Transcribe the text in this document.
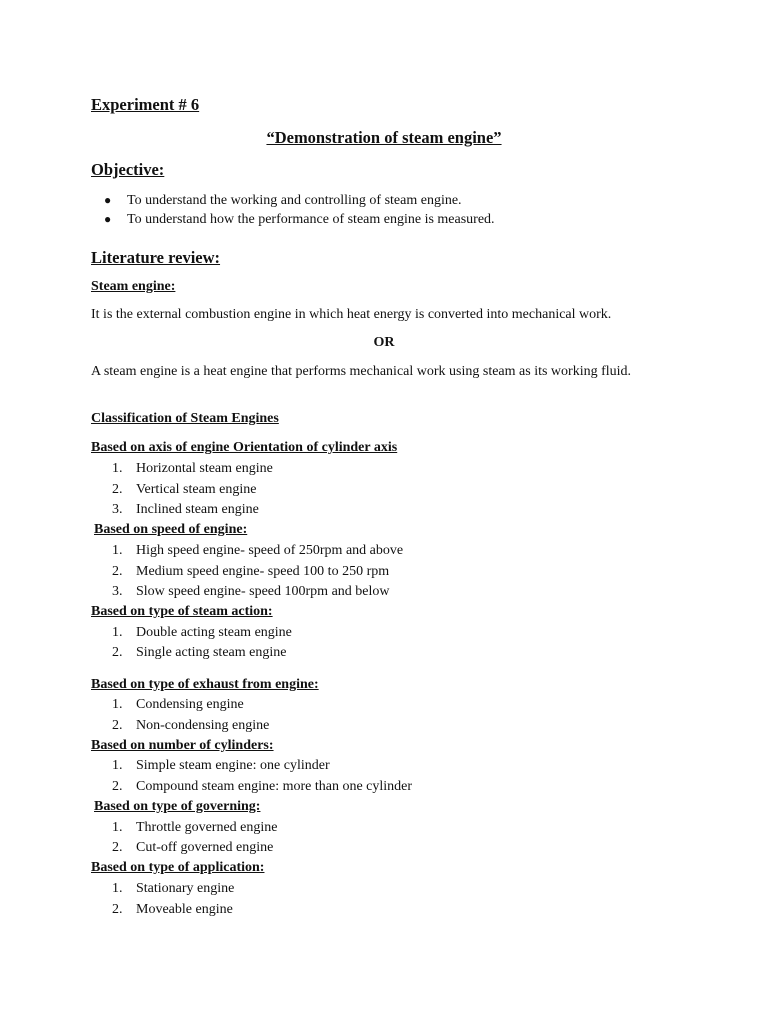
Experiment # 6
“Demonstration of steam engine”
Objective:
● To understand the working and controlling of steam engine.
● To understand how the performance of steam engine is measured.
Literature review:
Steam engine:
It is the external combustion engine in which heat energy is converted into mechanical work.
OR
A steam engine is a heat engine that performs mechanical work using steam as its working fluid.
Classification of Steam Engines
Based on axis of engine Orientation of cylinder axis
1. Horizontal steam engine
2. Vertical steam engine
3. Inclined steam engine
Based on speed of engine:
1. High speed engine- speed of 250rpm and above
2. Medium speed engine- speed 100 to 250 rpm
3. Slow speed engine- speed 100rpm and below
Based on type of steam action:
1. Double acting steam engine
2. Single acting steam engine
Based on type of exhaust from engine:
1. Condensing engine
2. Non-condensing engine
Based on number of cylinders:
1. Simple steam engine: one cylinder
2. Compound steam engine: more than one cylinder
Based on type of governing:
1. Throttle governed engine
2. Cut-off governed engine
Based on type of application:
1. Stationary engine
2. Moveable engine
